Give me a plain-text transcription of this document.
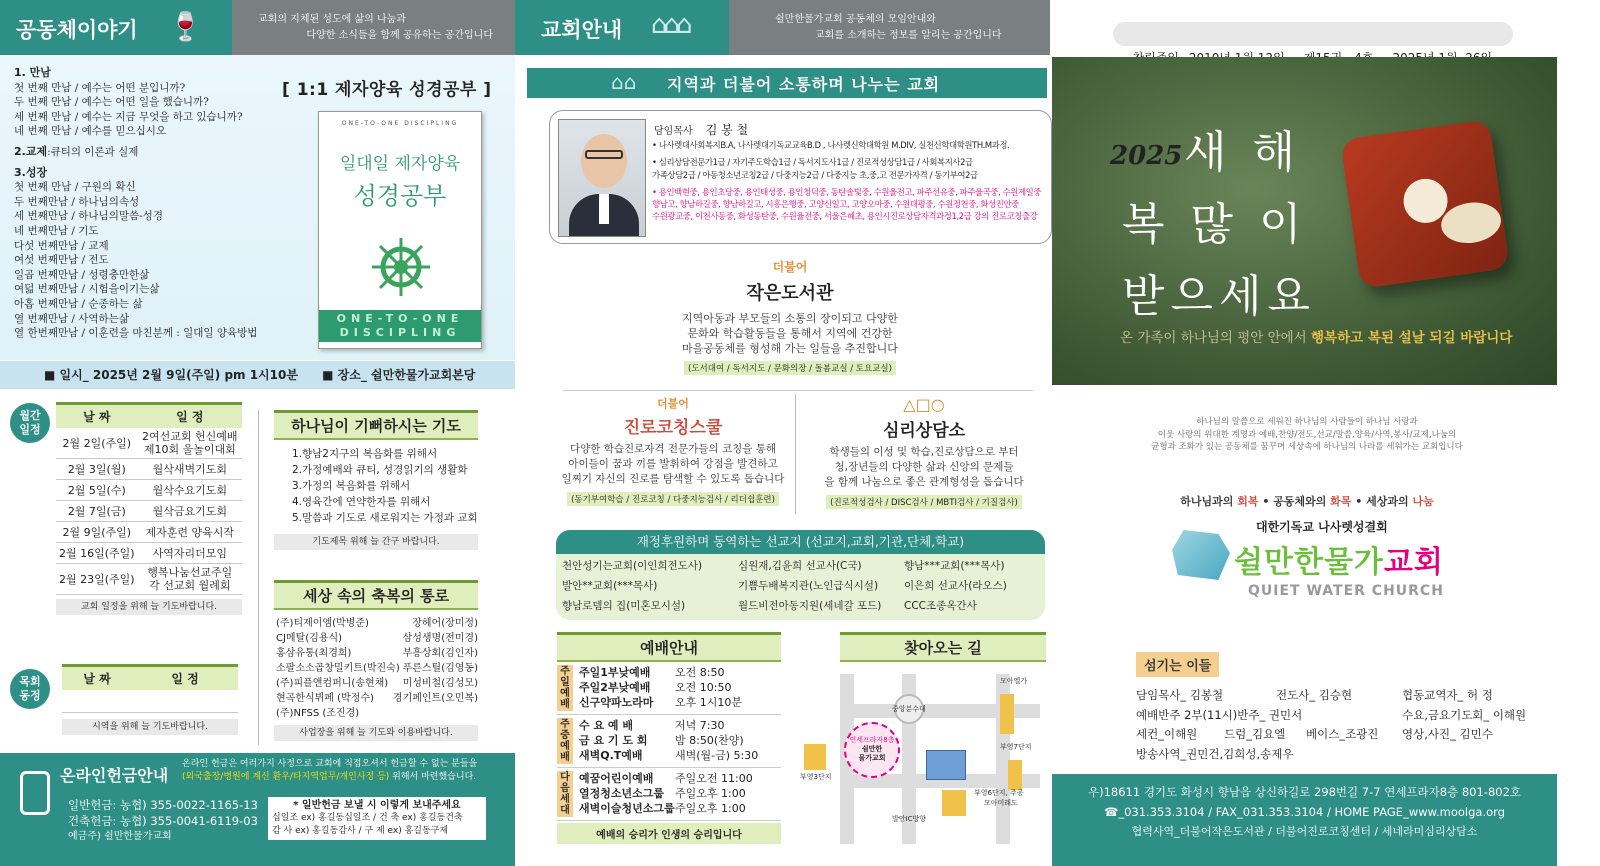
공동체이야기 🍷	교회의 지체된 성도에 삶의 나눔과
다양한 소식들을 함께 공유하는 공간입니다
1. 만남
첫 번째 만남 / 예수는 어떤 분입니까?
두 번째 만남 / 예수는 어떤 일을 했습니까?
세 번째 만남 / 예수는 지금 무엇을 하고 있습니까?
네 번째 만남 / 예수를 믿으십시오
2.교제:큐티의 이론과 실제
3.성장
첫 번째 만남 / 구원의 확신
두 번째만남 / 하나님의속성
세 번째만남 / 하나님의말씀-성경
네 번째만남 / 기도
다섯 번째만남 / 교제
여섯 번째만남 / 전도
일곱 번째만남 / 성령충만한삶
여덟 번째만남 / 시험을이기는삶
아홉 번째만남 / 순종하는 삶
열 번째만남 / 사역하는삶
열 한번째만남 / 이훈련을 마친분께 : 일대일 양육방법
[ 1:1 제자양육 성경공부 ]
ONE-TO-ONE DISCIPLING
일대일 제자양육
성경공부
ONE-TO-ONE DISCIPLING
■ 일시_ 2025년 2월 9일(주일) pm 1시10분 ■ 장소_ 쉴만한물가교회본당
월간일정
날 짜	일 정
2월 2일(주일)	2여선교회 헌신예배
제10회 울놀이대회
2월 3일(월)	월삭새벽기도회
2월 5일(수)	월삭수요기도회
2월 7일(금)	월삭금요기도회
2월 9일(주일)	제자훈련 양육시작
2월 16일(주일)	사역자리더모임
2월 23일(주일)	행복나눔선교주일
각 선교회 월례회
교회 일정을 위해 늘 기도바랍니다.
목회동정
날 짜	일 정

시역을 위해 늘 기도바랍니다.
하나님이 기뻐하시는 기도
1.향남2지구의 복음화를 위해서
2.가정예배와 큐티, 성경읽기의 생활화
3.가정의 복음화를 위해서
4.영육간에 연약한자를 위해서
5.말씀과 기도로 새로워지는 가정과 교회
기도제목 위해 늘 간구 바랍니다.
세상 속의 축복의 통로
(주)티제이엠(박병준)	장헤어(장미정)
CJ메탈(김용식)	삼성생명(전미경)
홍삼유통(최경희)	부흥상회(김인자)
소팔소소곱창밀키트(박진숙) 푸른스틸(김영동)
(주)피플앤컴퍼니(송현채) 미성비철(김성모)
현곡한식뷔페 (박정수) 경기페인트(오민복)
(주)NFSS (조진경)
사업장을 위해 늘 기도와 이용바랍니다.
온라인헌금안내
온라인 헌금은 여러가지 사정으로 교회에 직접오셔서 헌금할 수 없는 분들을
(외국출장/병원에 계신 환우/타지역업무/개인사정 등) 위해서 마련했습니다.
일반헌금: 농협) 355-0022-1165-13
건축헌금: 농협) 355-0041-6119-03
예금주) 쉴만한물가교회
* 일반헌금 보낼 시 이렇게 보내주세요
십일조 ex) 홍길동십일조 / 건 축 ex) 홍길동건축
감 사 ex) 홍길동감사 / 구 제 ex) 홍길동구제
교회안내 ⌂⌂⌂	쉴만한물가교회 공동체의 모임안내와
교회를 소개하는 정보를 알리는 공간입니다
⌂⌂ 지역과 더불어 소통하며 나누는 교회
담임목사 김 봉 철
• 나사렛대사회복지B.A, 나사렛대기독교교육B.D , 나사렛신학대학원 M.DIV, 실천신학대학원TH.M과정.
• 심리상담전문가1급 / 자기주도학습1급 / 독서지도사1급 / 진로적성상담1급 / 사회복지사2급
가족상담2급 / 아동청소년코칭2급 / 다중지능2급 / 다중지능 초,중,고 전문가자격 / 동기부여2급
• 용인백현중, 용인초당중, 용인태성중, 용인청덕중, 동탄솔빛중, 수원율전고, 파주선유중, 파주율곡중, 수원제일중
향남고, 향남하길중, 향남하길고, 시흥은행중, 고양신일고, 고양오마중, 수원대평중, 수원정천중, 화성진안중
수원광교중, 이천사동중, 화성동탄중, 수원율전중, 서울은혜초, 용인시진로상담자격과정1,2급 강의 진로코칭출강
더불어
작은도서관
지역아동과 부모들의 소통의 장이되고 다양한
문화와 학습활동들을 통해서 지역에 건강한
마을공동체를 형성해 가는 일들을 추진합니다
(도서대여 / 독서지도 / 문화의장 / 돌봄교실 / 토요교실)
더불어
진로코칭스쿨
다양한 학습진로자격 전문가들의 코칭을 통해
아이들이 꿈과 끼를 발휘하여 강점을 발견하고
일찌기 자신의 진로를 탐색할 수 있도록 돕습니다
(동기부여학습 / 진로코칭 / 다중지능검사 / 리더쉽훈련)
△□○
심리상담소
학생들의 이성 및 학습,진로상담으로 부터
청,장년들의 다양한 삶과 신앙의 문제들
을 함께 나눔으로 좋은 관계형성을 돕습니다
(진로적성검사 / DISC검사 / MBTI검사 / 기질검사)
재정후원하며 동역하는 선교지 (선교지,교회,기관,단체,학교)
천안성기는교회(이인희전도사)	심원재,김윤희 선교사(C국)	향남***교회(***목사)
발안**교회(***목사)	기쁨두배복지관(노인급식시설)	이은희 선교사(라오스)
향남로뎀의 집(미혼모시설)	월드비전아동지원(세네갈 포드)	CCC조종옥간사
예배안내
주일예배
주일1부낮예배	오전 8:50
주일2부낮예배	오전 10:50
신구약파노라마	오후 1시10분
주중예배
수 요 예 배	저녁 7:30
금 요 기 도 회	밤 8:50(찬양)
새벽Q.T예배	새벽(월-금) 5:30
다음세대
예꿈어린이예배	주일오전 11:00
열정청소년소그룹 주일오후 1:00
새벽이슬청년소그룹 주일오후 1:00
예배의 승리가 인생의 승리입니다
찾아오는 길
중앙분수대
연세프라자8층
쉴만한
물가교회
모아엘가
부영7단지
부영3단지
부영6단지, 주공
모아미래도
발안IC방향

2025 새 해
복 많 이
받으세요
온 가족이 하나님의 평안 안에서 행복하고 복된 설날 되길 바랍니다
하나님의 말씀으로 세워진 하나님의 사람들이 하나님 사랑과
이웃 사랑의 위대한 계명과 예배,찬양/전도,선교/말씀,양육/사역,봉사/교제,나눔의
균형과 조화가 있는 공동체를 꿈꾸며 세상속에 하나님의 나라를 세워가는 교회입니다
하나님과의 회복 • 공동체와의 화목 • 세상과의 나눔
대한기독교 나사렛성결회
쉴만한물가교회
QUIET WATER CHURCH
섬기는 이들
담임목사_ 김봉철	전도사_ 김승현	협동교역자_ 허 정
예배반주 2부(11시)반주_ 권민서	수요,금요기도회_ 이해원
세컨_이해원	드럼_김요엘	베이스_조광진	영상,사진_ 김민수
방송사역_권민건,김희성,송제우
우)18611 경기도 화성시 향남읍 상신하길로 298번길 7-7 연세프라자8층 801-802호
☎_031.353.3104 / FAX_031.353.3104 / HOME PAGE_www.moolga.org
협력사역_더불어작은도서관 / 더불어진로코칭센터 / 세네라미심리상담소
